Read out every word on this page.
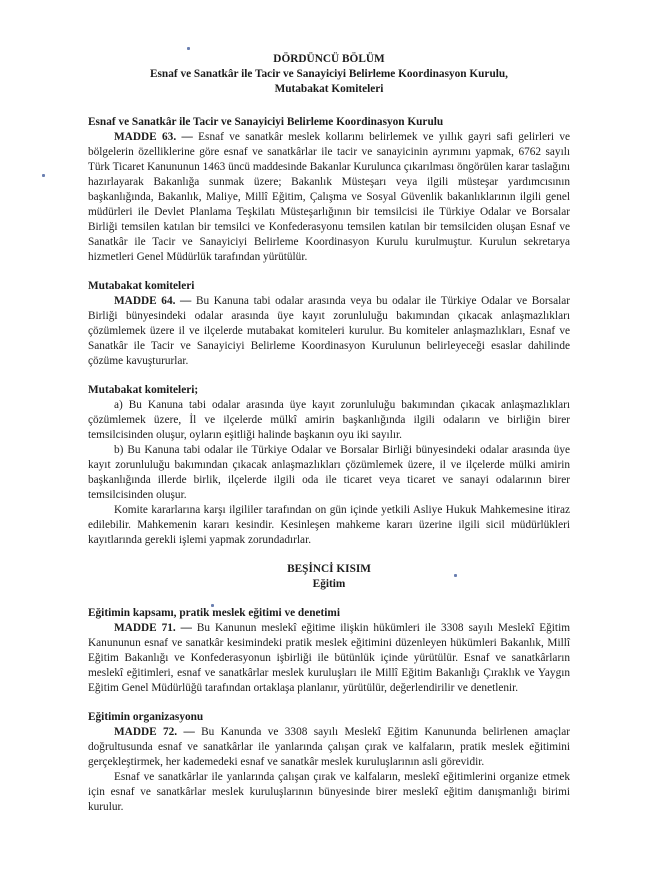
DÖRDÜNCÜ BÖLÜM
Esnaf ve Sanatkâr ile Tacir ve Sanayiciyi Belirleme Koordinasyon Kurulu,
Mutabakat Komiteleri
Esnaf ve Sanatkâr ile Tacir ve Sanayiciyi Belirleme Koordinasyon Kurulu

MADDE 63. — Esnaf ve sanatkâr meslek kollarını belirlemek ve yıllık gayri safi gelirleri ve bölgelerin özelliklerine göre esnaf ve sanatkârlar ile tacir ve sanayicinin ayrımını yapmak, 6762 sayılı Türk Ticaret Kanununun 1463 üncü maddesinde Bakanlar Kurulunca çıkarılması öngörülen karar taslağını hazırlayarak Bakanlığa sunmak üzere; Bakanlık Müsteşarı veya ilgili müsteşar yardımcısının başkanlığında, Bakanlık, Maliye, Millî Eğitim, Çalışma ve Sosyal Güvenlik bakanlıklarının ilgili genel müdürleri ile Devlet Planlama Teşkilatı Müsteşarlığının bir temsilcisi ile Türkiye Odalar ve Borsalar Birliği temsilen katılan bir temsilci ve Konfederasyonu temsilen katılan bir temsilciden oluşan Esnaf ve Sanatkâr ile Tacir ve Sanayiciyi Belirleme Koordinasyon Kurulu kurulmuştur. Kurulun sekretarya hizmetleri Genel Müdürlük tarafından yürütülür.

Mutabakat komiteleri

MADDE 64. — Bu Kanuna tabi odalar arasında veya bu odalar ile Türkiye Odalar ve Borsalar Birliği bünyesindeki odalar arasında üye kayıt zorunluluğu bakımından çıkacak anlaşmazlıkları çözümlemek üzere il ve ilçelerde mutabakat komiteleri kurulur. Bu komiteler anlaşmazlıkları, Esnaf ve Sanatkâr ile Tacir ve Sanayiciyi Belirleme Koordinasyon Kurulunun belirleyeceği esaslar dahilinde çözüme kavuştururlar.

Mutabakat komiteleri;

a) Bu Kanuna tabi odalar arasında üye kayıt zorunluluğu bakımından çıkacak anlaşmazlıkları çözümlemek üzere, İl ve ilçelerde mülkî amirin başkanlığında ilgili odaların ve birliğin birer temsilcisinden oluşur, oyların eşitliği halinde başkanın oyu iki sayılır.

b) Bu Kanuna tabi odalar ile Türkiye Odalar ve Borsalar Birliği bünyesindeki odalar arasında üye kayıt zorunluluğu bakımından çıkacak anlaşmazlıkları çözümlemek üzere, il ve ilçelerde mülki amirin başkanlığında illerde birlik, ilçelerde ilgili oda ile ticaret veya ticaret ve sanayi odalarının birer temsilcisinden oluşur.

Komite kararlarına karşı ilgililer tarafından on gün içinde yetkili Asliye Hukuk Mahkemesine itiraz edilebilir. Mahkemenin kararı kesindir. Kesinleşen mahkeme kararı üzerine ilgili sicil müdürlükleri kayıtlarında gerekli işlemi yapmak zorundadırlar.

BEŞİNCİ KISIM
Eğitim
Eğitimin kapsamı, pratik meslek eğitimi ve denetimi

MADDE 71. — Bu Kanunun meslekî eğitime ilişkin hükümleri ile 3308 sayılı Meslekî Eğitim Kanununun esnaf ve sanatkâr kesimindeki pratik meslek eğitimini düzenleyen hükümleri Bakanlık, Millî Eğitim Bakanlığı ve Konfederasyonun işbirliği ile bütünlük içinde yürütülür. Esnaf ve sanatkârların meslekî eğitimleri, esnaf ve sanatkârlar meslek kuruluşları ile Millî Eğitim Bakanlığı Çıraklık ve Yaygın Eğitim Genel Müdürlüğü tarafından ortaklaşa planlanır, yürütülür, değerlendirilir ve denetlenir.

Eğitimin organizasyonu

MADDE 72. — Bu Kanunda ve 3308 sayılı Meslekî Eğitim Kanununda belirlenen amaçlar doğrultusunda esnaf ve sanatkârlar ile yanlarında çalışan çırak ve kalfaların, pratik meslek eğitimini gerçekleştirmek, her kademedeki esnaf ve sanatkâr meslek kuruluşlarının asli görevidir.

Esnaf ve sanatkârlar ile yanlarında çalışan çırak ve kalfaların, meslekî eğitimlerini organize etmek için esnaf ve sanatkârlar meslek kuruluşlarının bünyesinde birer meslekî eğitim danışmanlığı birimi kurulur.
